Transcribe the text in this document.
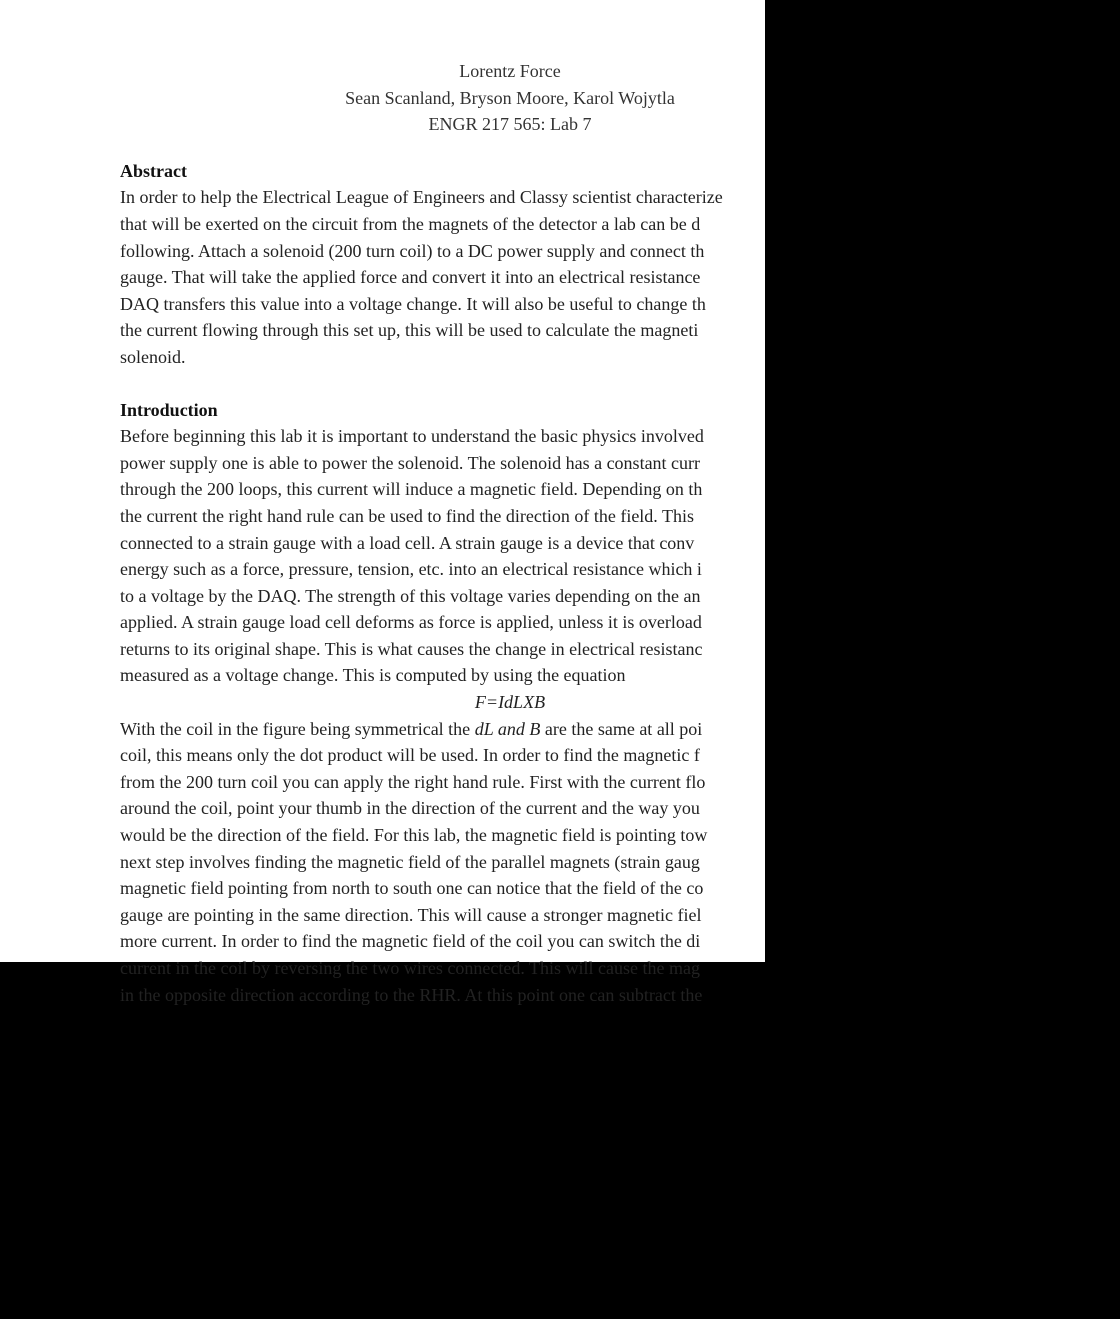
Lorentz Force
Sean Scanland, Bryson Moore, Karol Wojytla
ENGR 217 565: Lab 7
Abstract
In order to help the Electrical League of Engineers and Classy scientist characterize
that will be exerted on the circuit from the magnets of the detector a lab can be d
following. Attach a solenoid (200 turn coil) to a DC power supply and connect th
gauge. That will take the applied force and convert it into an electrical resistance
DAQ transfers this value into a voltage change. It will also be useful to change th
the current flowing through this set up, this will be used to calculate the magneti
solenoid.
Introduction
Before beginning this lab it is important to understand the basic physics involved
power supply one is able to power the solenoid. The solenoid has a constant curr
through the 200 loops, this current will induce a magnetic field. Depending on th
the current the right hand rule can be used to find the direction of the field. This
connected to a strain gauge with a load cell. A strain gauge is a device that conv
energy such as a force, pressure, tension, etc. into an electrical resistance which i
to a voltage by the DAQ. The strength of this voltage varies depending on the an
applied. A strain gauge load cell deforms as force is applied, unless it is overload
returns to its original shape. This is what causes the change in electrical resistanc
measured as a voltage change. This is computed by using the equation
F=IdLXB
With the coil in the figure being symmetrical the dL and B are the same at all poi
coil, this means only the dot product will be used. In order to find the magnetic f
from the 200 turn coil you can apply the right hand rule. First with the current flo
around the coil, point your thumb in the direction of the current and the way you
would be the direction of the field. For this lab, the magnetic field is pointing tow
next step involves finding the magnetic field of the parallel magnets (strain gaug
magnetic field pointing from north to south one can notice that the field of the co
gauge are pointing in the same direction. This will cause a stronger magnetic fiel
more current. In order to find the magnetic field of the coil you can switch the di
current in the coil by reversing the two wires connected. This will cause the mag
in the opposite direction according to the RHR. At this point one can subtract the
